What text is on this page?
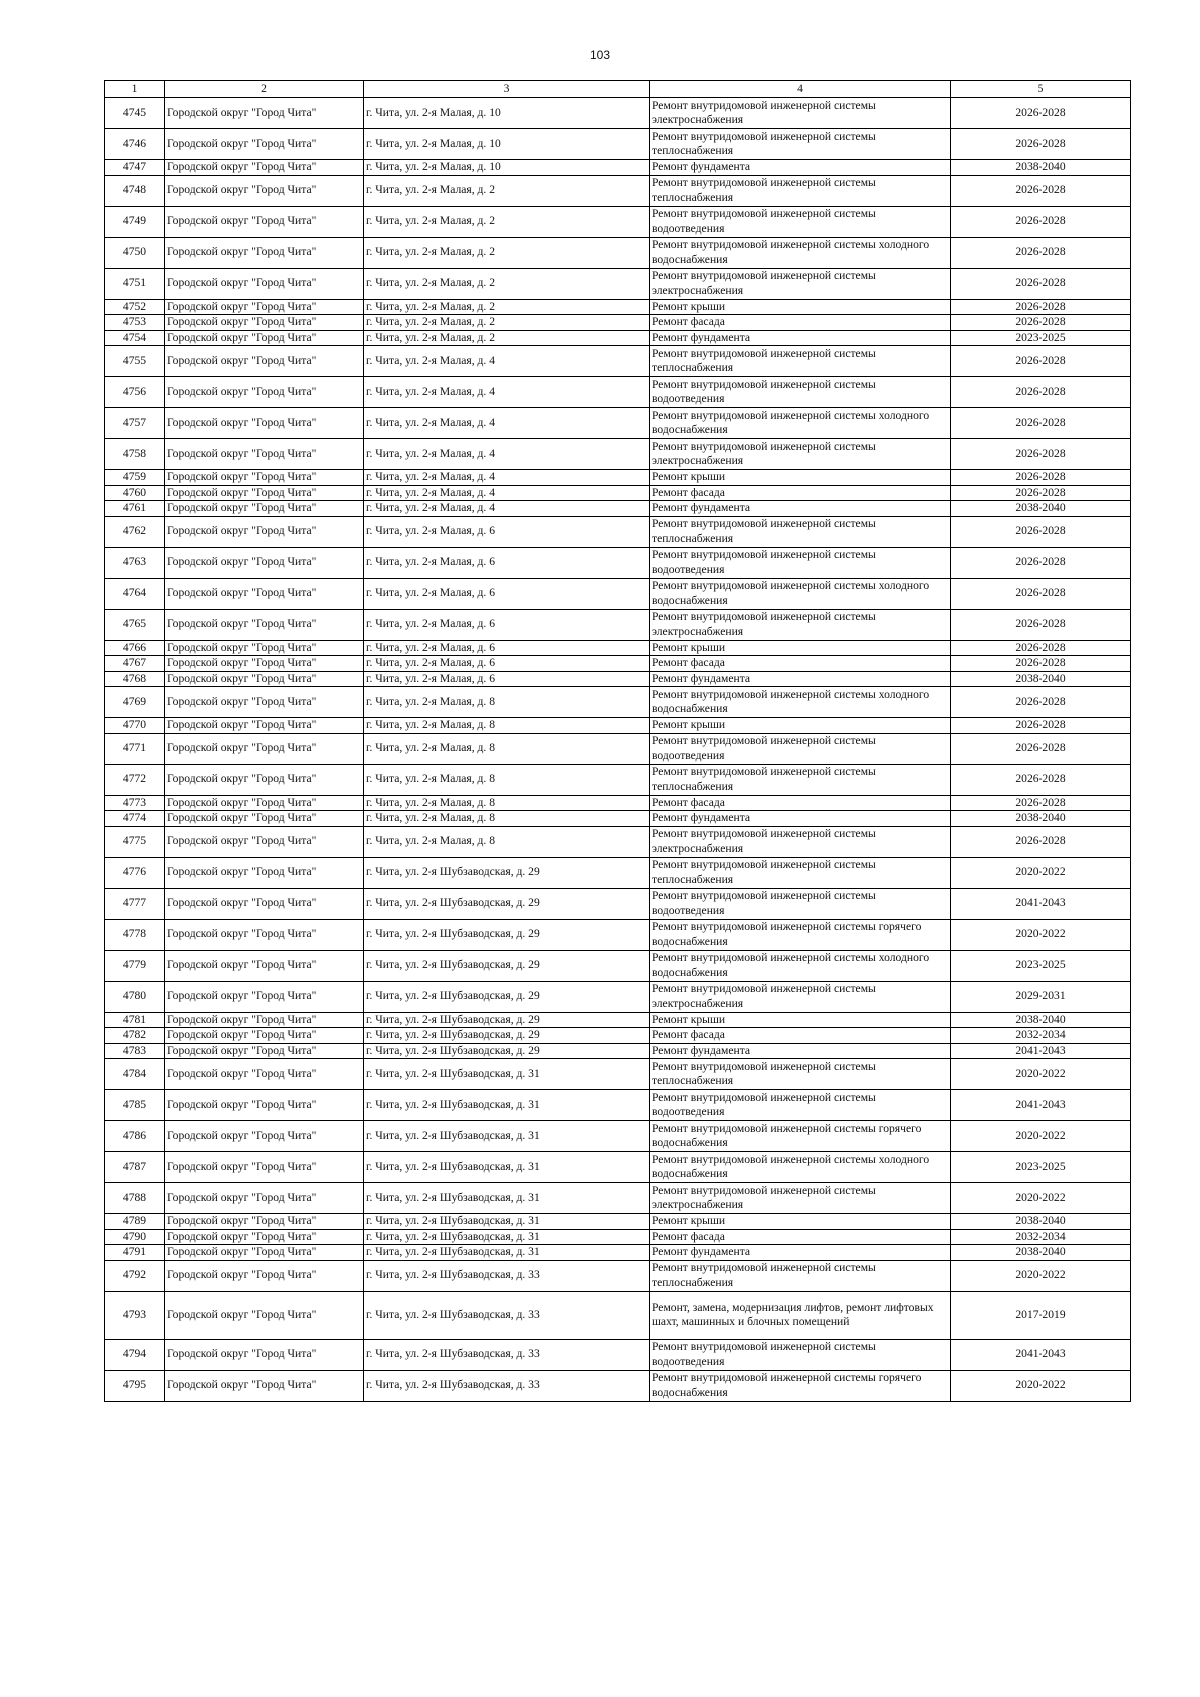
103
1	2	3	4	5
4745	Городской округ "Город Чита"	г. Чита, ул. 2-я Малая, д. 10	Ремонт внутридомовой инженерной системы электроснабжения	2026-2028
4746	Городской округ "Город Чита"	г. Чита, ул. 2-я Малая, д. 10	Ремонт внутридомовой инженерной системы теплоснабжения	2026-2028
4747	Городской округ "Город Чита"	г. Чита, ул. 2-я Малая, д. 10	Ремонт фундамента	2038-2040
4748	Городской округ "Город Чита"	г. Чита, ул. 2-я Малая, д. 2	Ремонт внутридомовой инженерной системы теплоснабжения	2026-2028
4749	Городской округ "Город Чита"	г. Чита, ул. 2-я Малая, д. 2	Ремонт внутридомовой инженерной системы водоотведения	2026-2028
4750	Городской округ "Город Чита"	г. Чита, ул. 2-я Малая, д. 2	Ремонт внутридомовой инженерной системы холодного водоснабжения	2026-2028
4751	Городской округ "Город Чита"	г. Чита, ул. 2-я Малая, д. 2	Ремонт внутридомовой инженерной системы электроснабжения	2026-2028
4752	Городской округ "Город Чита"	г. Чита, ул. 2-я Малая, д. 2	Ремонт крыши	2026-2028
4753	Городской округ "Город Чита"	г. Чита, ул. 2-я Малая, д. 2	Ремонт фасада	2026-2028
4754	Городской округ "Город Чита"	г. Чита, ул. 2-я Малая, д. 2	Ремонт фундамента	2023-2025
4755	Городской округ "Город Чита"	г. Чита, ул. 2-я Малая, д. 4	Ремонт внутридомовой инженерной системы теплоснабжения	2026-2028
4756	Городской округ "Город Чита"	г. Чита, ул. 2-я Малая, д. 4	Ремонт внутридомовой инженерной системы водоотведения	2026-2028
4757	Городской округ "Город Чита"	г. Чита, ул. 2-я Малая, д. 4	Ремонт внутридомовой инженерной системы холодного водоснабжения	2026-2028
4758	Городской округ "Город Чита"	г. Чита, ул. 2-я Малая, д. 4	Ремонт внутридомовой инженерной системы электроснабжения	2026-2028
4759	Городской округ "Город Чита"	г. Чита, ул. 2-я Малая, д. 4	Ремонт крыши	2026-2028
4760	Городской округ "Город Чита"	г. Чита, ул. 2-я Малая, д. 4	Ремонт фасада	2026-2028
4761	Городской округ "Город Чита"	г. Чита, ул. 2-я Малая, д. 4	Ремонт фундамента	2038-2040
4762	Городской округ "Город Чита"	г. Чита, ул. 2-я Малая, д. 6	Ремонт внутридомовой инженерной системы теплоснабжения	2026-2028
4763	Городской округ "Город Чита"	г. Чита, ул. 2-я Малая, д. 6	Ремонт внутридомовой инженерной системы водоотведения	2026-2028
4764	Городской округ "Город Чита"	г. Чита, ул. 2-я Малая, д. 6	Ремонт внутридомовой инженерной системы холодного водоснабжения	2026-2028
4765	Городской округ "Город Чита"	г. Чита, ул. 2-я Малая, д. 6	Ремонт внутридомовой инженерной системы электроснабжения	2026-2028
4766	Городской округ "Город Чита"	г. Чита, ул. 2-я Малая, д. 6	Ремонт крыши	2026-2028
4767	Городской округ "Город Чита"	г. Чита, ул. 2-я Малая, д. 6	Ремонт фасада	2026-2028
4768	Городской округ "Город Чита"	г. Чита, ул. 2-я Малая, д. 6	Ремонт фундамента	2038-2040
4769	Городской округ "Город Чита"	г. Чита, ул. 2-я Малая, д. 8	Ремонт внутридомовой инженерной системы холодного водоснабжения	2026-2028
4770	Городской округ "Город Чита"	г. Чита, ул. 2-я Малая, д. 8	Ремонт крыши	2026-2028
4771	Городской округ "Город Чита"	г. Чита, ул. 2-я Малая, д. 8	Ремонт внутридомовой инженерной системы водоотведения	2026-2028
4772	Городской округ "Город Чита"	г. Чита, ул. 2-я Малая, д. 8	Ремонт внутридомовой инженерной системы теплоснабжения	2026-2028
4773	Городской округ "Город Чита"	г. Чита, ул. 2-я Малая, д. 8	Ремонт фасада	2026-2028
4774	Городской округ "Город Чита"	г. Чита, ул. 2-я Малая, д. 8	Ремонт фундамента	2038-2040
4775	Городской округ "Город Чита"	г. Чита, ул. 2-я Малая, д. 8	Ремонт внутридомовой инженерной системы электроснабжения	2026-2028
4776	Городской округ "Город Чита"	г. Чита, ул. 2-я Шубзаводская, д. 29	Ремонт внутридомовой инженерной системы теплоснабжения	2020-2022
4777	Городской округ "Город Чита"	г. Чита, ул. 2-я Шубзаводская, д. 29	Ремонт внутридомовой инженерной системы водоотведения	2041-2043
4778	Городской округ "Город Чита"	г. Чита, ул. 2-я Шубзаводская, д. 29	Ремонт внутридомовой инженерной системы горячего водоснабжения	2020-2022
4779	Городской округ "Город Чита"	г. Чита, ул. 2-я Шубзаводская, д. 29	Ремонт внутридомовой инженерной системы холодного водоснабжения	2023-2025
4780	Городской округ "Город Чита"	г. Чита, ул. 2-я Шубзаводская, д. 29	Ремонт внутридомовой инженерной системы электроснабжения	2029-2031
4781	Городской округ "Город Чита"	г. Чита, ул. 2-я Шубзаводская, д. 29	Ремонт крыши	2038-2040
4782	Городской округ "Город Чита"	г. Чита, ул. 2-я Шубзаводская, д. 29	Ремонт фасада	2032-2034
4783	Городской округ "Город Чита"	г. Чита, ул. 2-я Шубзаводская, д. 29	Ремонт фундамента	2041-2043
4784	Городской округ "Город Чита"	г. Чита, ул. 2-я Шубзаводская, д. 31	Ремонт внутридомовой инженерной системы теплоснабжения	2020-2022
4785	Городской округ "Город Чита"	г. Чита, ул. 2-я Шубзаводская, д. 31	Ремонт внутридомовой инженерной системы водоотведения	2041-2043
4786	Городской округ "Город Чита"	г. Чита, ул. 2-я Шубзаводская, д. 31	Ремонт внутридомовой инженерной системы горячего водоснабжения	2020-2022
4787	Городской округ "Город Чита"	г. Чита, ул. 2-я Шубзаводская, д. 31	Ремонт внутридомовой инженерной системы холодного водоснабжения	2023-2025
4788	Городской округ "Город Чита"	г. Чита, ул. 2-я Шубзаводская, д. 31	Ремонт внутридомовой инженерной системы электроснабжения	2020-2022
4789	Городской округ "Город Чита"	г. Чита, ул. 2-я Шубзаводская, д. 31	Ремонт крыши	2038-2040
4790	Городской округ "Город Чита"	г. Чита, ул. 2-я Шубзаводская, д. 31	Ремонт фасада	2032-2034
4791	Городской округ "Город Чита"	г. Чита, ул. 2-я Шубзаводская, д. 31	Ремонт фундамента	2038-2040
4792	Городской округ "Город Чита"	г. Чита, ул. 2-я Шубзаводская, д. 33	Ремонт внутридомовой инженерной системы теплоснабжения	2020-2022
4793	Городской округ "Город Чита"	г. Чита, ул. 2-я Шубзаводская, д. 33	Ремонт, замена, модернизация лифтов, ремонт лифтовых шахт, машинных и блочных помещений	2017-2019
4794	Городской округ "Город Чита"	г. Чита, ул. 2-я Шубзаводская, д. 33	Ремонт внутридомовой инженерной системы водоотведения	2041-2043
4795	Городской округ "Город Чита"	г. Чита, ул. 2-я Шубзаводская, д. 33	Ремонт внутридомовой инженерной системы горячего водоснабжения	2020-2022
